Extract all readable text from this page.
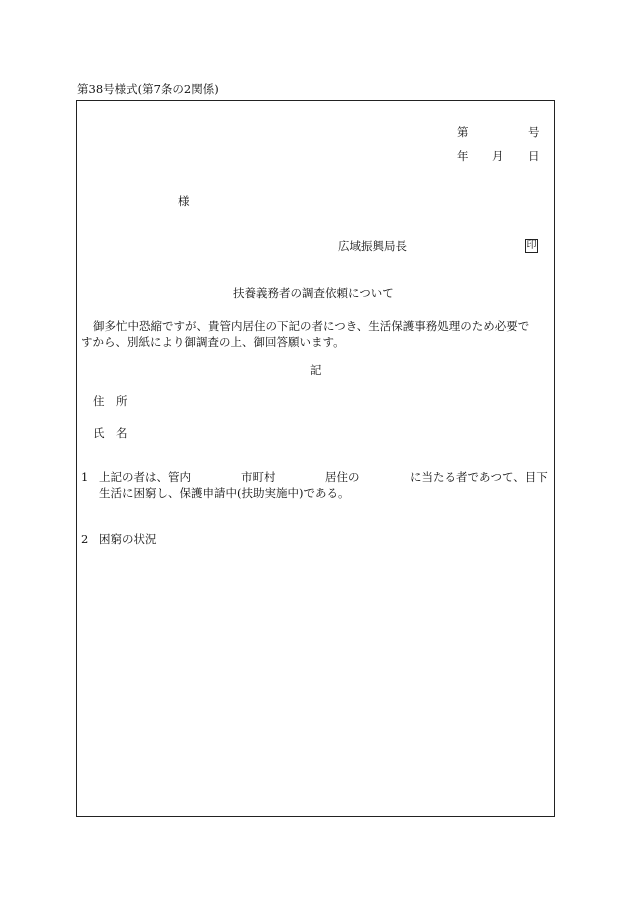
第38号様式(第7条の2関係)
第	号
年 月 日
様
広域振興局長	印
扶養義務者の調査依頼について
御多忙中恐縮ですが、貴管内居住の下記の者につき、生活保護事務処理のため必要で
すから、別紙により御調査の上、御回答願います。
記
住　所
氏　名
1 上記の者は、管内	市町村	居住の	に当たる者であつて、目下
生活に困窮し、保護申請中(扶助実施中)である。
2 困窮の状況
